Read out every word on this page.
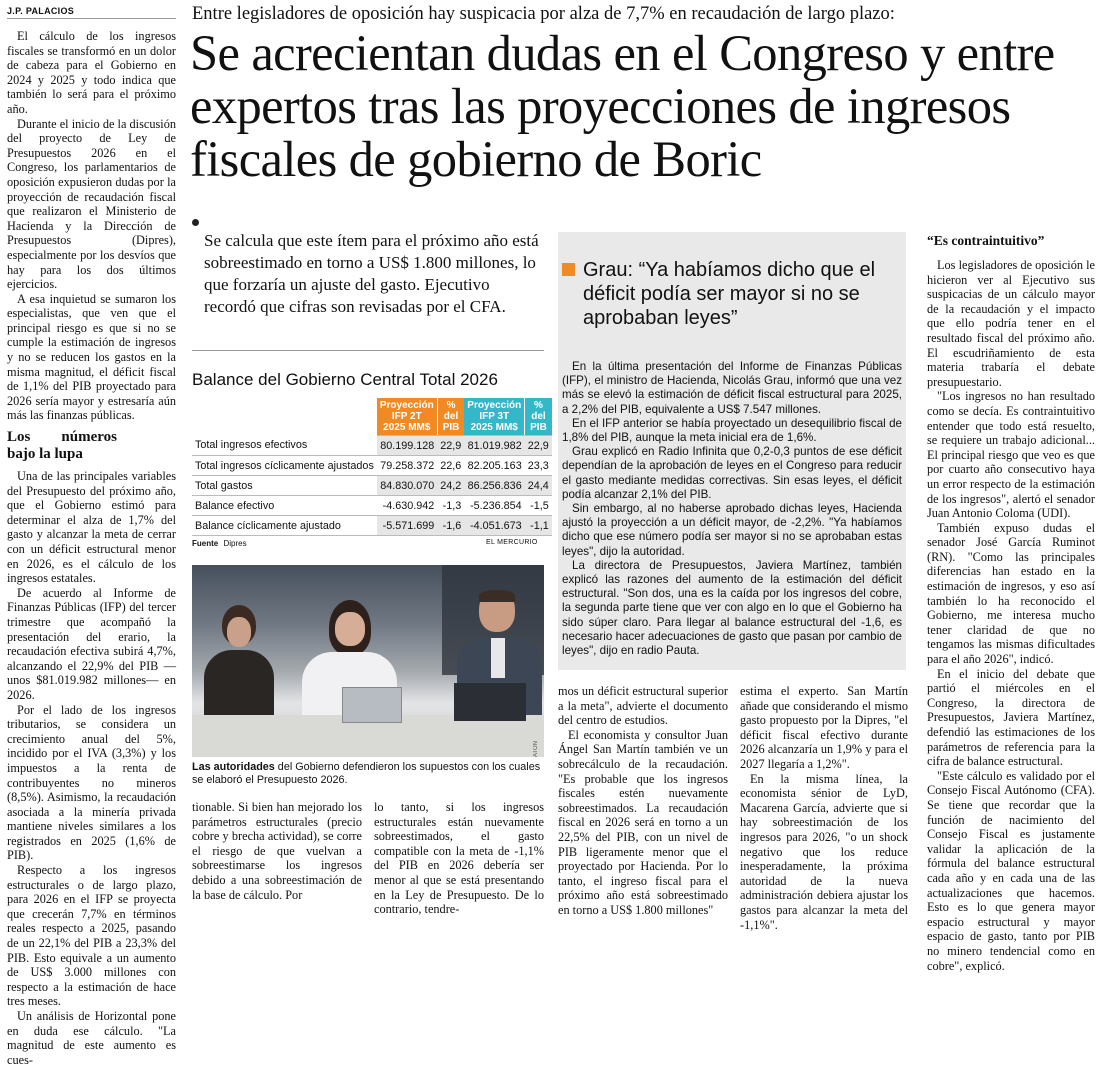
J.P. PALACIOS

El cálculo de los ingresos fiscales se transformó en un dolor de cabeza para el Gobierno en 2024 y 2025 y todo indica que también lo será para el próximo año.

Durante el inicio de la discusión del proyecto de Ley de Presupuestos 2026 en el Congreso, los parlamentarios de oposición expusieron dudas por la proyección de recaudación fiscal que realizaron el Ministerio de Hacienda y la Dirección de Presupuestos (Dipres), especialmente por los desvíos que hay para los dos últimos ejercicios.

A esa inquietud se sumaron los especialistas, que ven que el principal riesgo es que si no se cumple la estimación de ingresos y no se reducen los gastos en la misma magnitud, el déficit fiscal de 1,1% del PIB proyectado para 2026 sería mayor y estresaría aún más las finanzas públicas.

Los números bajo la lupa

Una de las principales variables del Presupuesto del próximo año, que el Gobierno estimó para determinar el alza de 1,7% del gasto y alcanzar la meta de cerrar con un déficit estructural menor en 2026, es el cálculo de los ingresos estatales.

De acuerdo al Informe de Finanzas Públicas (IFP) del tercer trimestre que acompañó la presentación del erario, la recaudación efectiva subirá 4,7%, alcanzando el 22,9% del PIB —unos $81.019.982 millones— en 2026.

Por el lado de los ingresos tributarios, se considera un crecimiento anual del 5%, incidido por el IVA (3,3%) y los impuestos a la renta de contribuyentes no mineros (8,5%). Asimismo, la recaudación asociada a la minería privada mantiene niveles similares a los registrados en 2025 (1,6% de PIB).

Respecto a los ingresos estructurales o de largo plazo, para 2026 en el IFP se proyecta que crecerán 7,7% en términos reales respecto a 2025, pasando de un 22,1% del PIB a 23,3% del PIB. Esto equivale a un aumento de US$ 3.000 millones con respecto a la estimación de hace tres meses.

Un análisis de Horizontal pone en duda ese cálculo. "La magnitud de este aumento es cues-

Entre legisladores de oposición hay suspicacia por alza de 7,7% en recaudación de largo plazo:
Se acrecientan dudas en el Congreso y entre expertos tras las proyecciones de ingresos fiscales de gobierno de Boric
Se calcula que este ítem para el próximo año está sobreestimado en torno a US$ 1.800 millones, lo que forzaría un ajuste del gasto. Ejecutivo recordó que cifras son revisadas por el CFA.
Balance del Gobierno Central Total 2026
	Proyección IFP 2T 2025 MM$	% del PIB	Proyección IFP 3T 2025 MM$	% del PIB
Total ingresos efectivos	80.199.128	22,9	81.019.982	22,9
Total ingresos cíclicamente ajustados	79.258.372	22,6	82.205.163	23,3
Total gastos	84.830.070	24,2	86.256.836	24,4
Balance efectivo	-4.630.942	-1,3	-5.236.854	-1,5
Balance cíclicamente ajustado	-5.571.699	-1,6	-4.051.673	-1,1
Fuente Dipres	EL MERCURIO
ATON
Las autoridades del Gobierno defendieron los supuestos con los cuales se elaboró el Presupuesto 2026.

tionable. Si bien han mejorado los parámetros estructurales (precio cobre y brecha actividad), se corre el riesgo de que vuelvan a sobreestimarse los ingresos debido a una sobreestimación de la base de cálculo. Por

lo tanto, si los ingresos estructurales están nuevamente sobreestimados, el gasto compatible con la meta de -1,1% del PIB en 2026 debería ser menor al que se está presentando en la Ley de Presupuesto. De lo contrario, tendre-

Grau: “Ya habíamos dicho que el déficit podía ser mayor si no se aprobaban leyes”

En la última presentación del Informe de Finanzas Públicas (IFP), el ministro de Hacienda, Nicolás Grau, informó que una vez más se elevó la estimación de déficit fiscal estructural para 2025, a 2,2% del PIB, equivalente a US$ 7.547 millones.

En el IFP anterior se había proyectado un desequilibrio fiscal de 1,8% del PIB, aunque la meta inicial era de 1,6%.

Grau explicó en Radio Infinita que 0,2-0,3 puntos de ese déficit dependían de la aprobación de leyes en el Congreso para reducir el gasto mediante medidas correctivas. Sin esas leyes, el déficit podía alcanzar 2,1% del PIB.

Sin embargo, al no haberse aprobado dichas leyes, Hacienda ajustó la proyección a un déficit mayor, de -2,2%. "Ya habíamos dicho que ese número podía ser mayor si no se aprobaban estas leyes", dijo la autoridad.

La directora de Presupuestos, Javiera Martínez, también explicó las razones del aumento de la estimación del déficit estructural. "Son dos, una es la caída por los ingresos del cobre, la segunda parte tiene que ver con algo en lo que el Gobierno ha sido súper claro. Para llegar al balance estructural del -1,6, es necesario hacer adecuaciones de gasto que pasan por cambio de leyes", dijo en radio Pauta.

mos un déficit estructural superior a la meta", advierte el documento del centro de estudios.

El economista y consultor Juan Ángel San Martín también ve un sobrecálculo de la recaudación. "Es probable que los ingresos fiscales estén nuevamente sobreestimados. La recaudación fiscal en 2026 será en torno a un 22,5% del PIB, con un nivel de PIB ligeramente menor que el proyectado por Hacienda. Por lo tanto, el ingreso fiscal para el próximo año está sobreestimado en torno a US$ 1.800 millones"

estima el experto. San Martín añade que considerando el mismo gasto propuesto por la Dipres, "el déficit fiscal efectivo durante 2026 alcanzaría un 1,9% y para el 2027 llegaría a 1,2%".

En la misma línea, la economista sénior de LyD, Macarena García, advierte que si hay sobreestimación de los ingresos para 2026, "o un shock negativo que los reduce inesperadamente, la próxima autoridad de la nueva administración debiera ajustar los gastos para alcanzar la meta del -1,1%".

“Es contraintuitivo”

Los legisladores de oposición le hicieron ver al Ejecutivo sus suspicacias de un cálculo mayor de la recaudación y el impacto que ello podría tener en el resultado fiscal del próximo año. El escudriñamiento de esta materia trabaría el debate presupuestario.

"Los ingresos no han resultado como se decía. Es contraintuitivo entender que todo está resuelto, se requiere un trabajo adicional... El principal riesgo que veo es que por cuarto año consecutivo haya un error respecto de la estimación de los ingresos", alertó el senador Juan Antonio Coloma (UDI).

También expuso dudas el senador José García Ruminot (RN). "Como las principales diferencias han estado en la estimación de ingresos, y eso así también lo ha reconocido el Gobierno, me interesa mucho tener claridad de que no tengamos las mismas dificultades para el año 2026", indicó.

En el inicio del debate que partió el miércoles en el Congreso, la directora de Presupuestos, Javiera Martínez, defendió las estimaciones de los parámetros de referencia para la cifra de balance estructural.

"Este cálculo es validado por el Consejo Fiscal Autónomo (CFA). Se tiene que recordar que la función de nacimiento del Consejo Fiscal es justamente validar la aplicación de la fórmula del balance estructural cada año y en cada una de las actualizaciones que hacemos. Esto es lo que genera mayor espacio estructural y mayor espacio de gasto, tanto por PIB no minero tendencial como en cobre", explicó.
